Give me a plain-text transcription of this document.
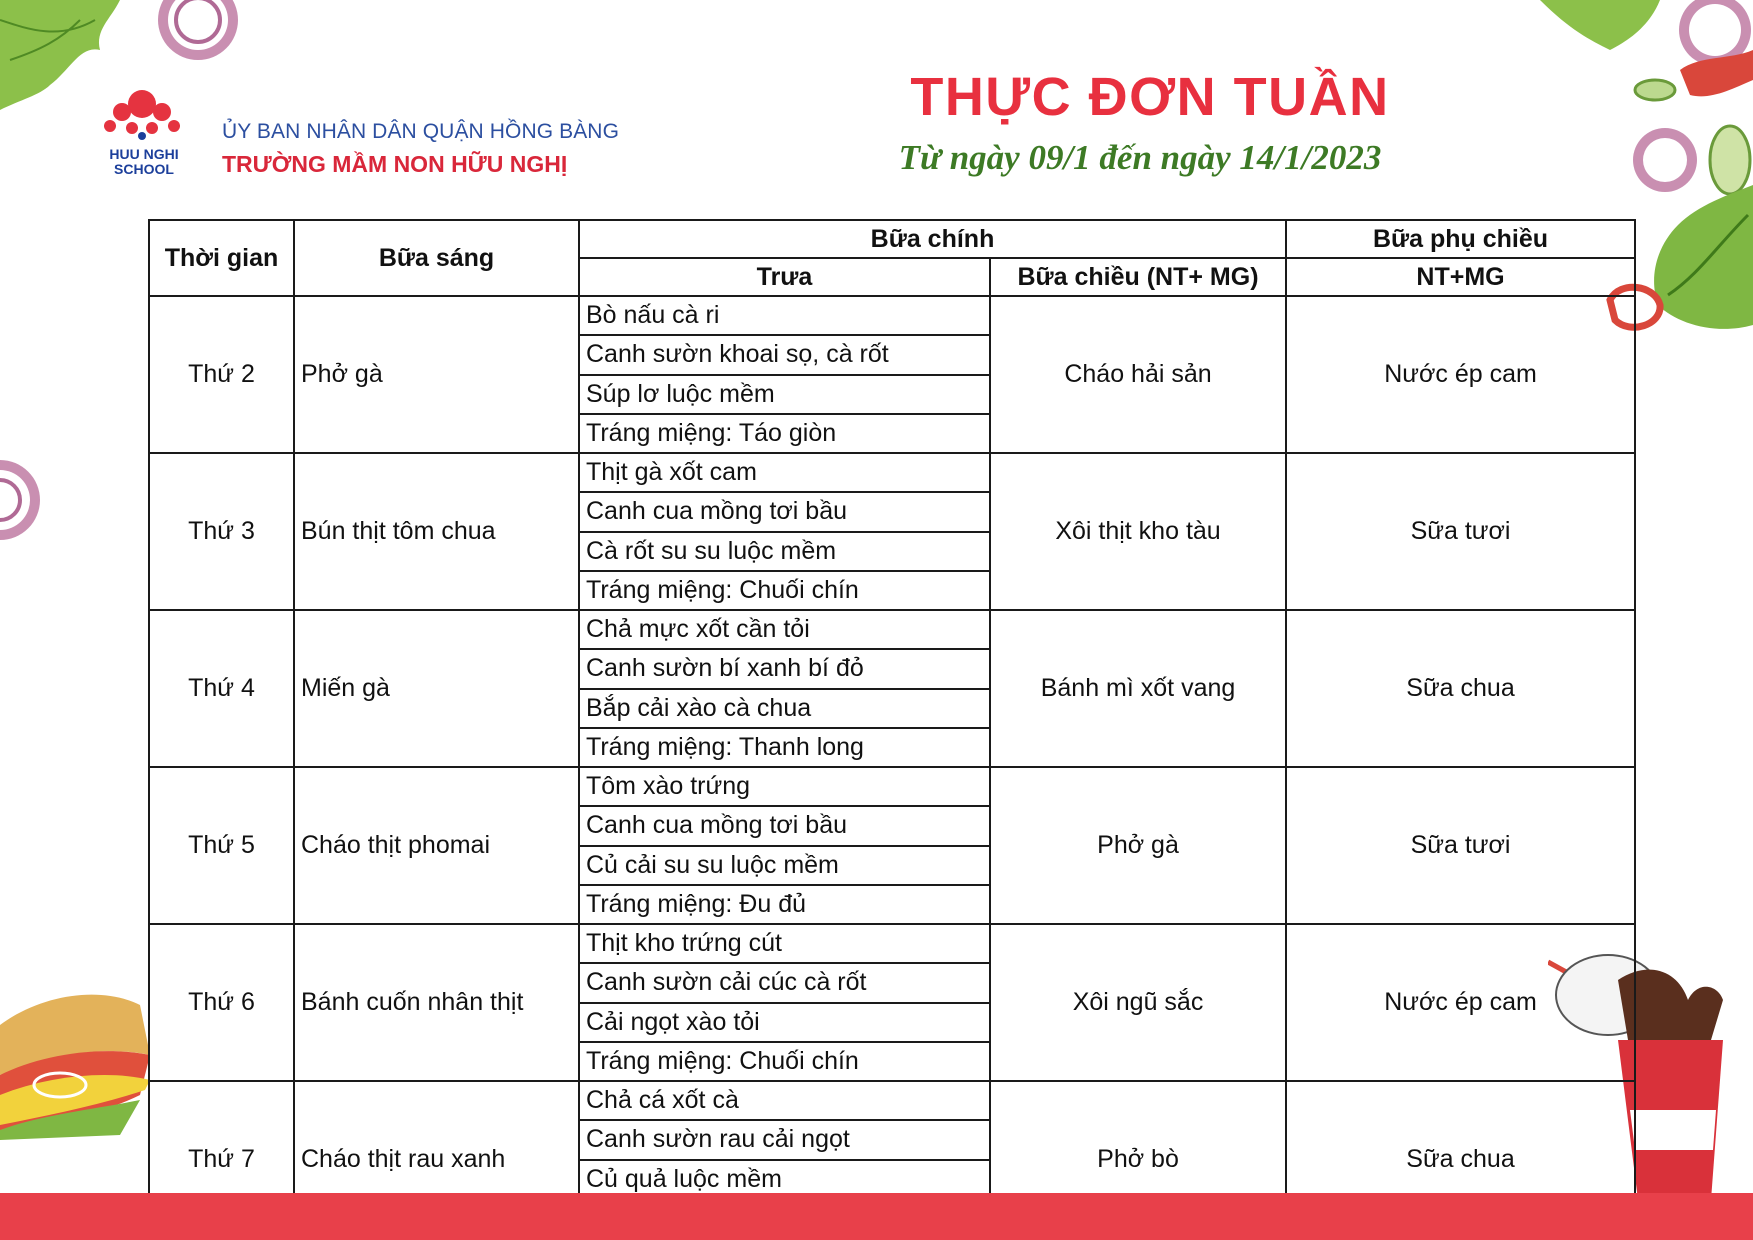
HUU NGHI
SCHOOL
ỦY BAN NHÂN DÂN QUẬN HỒNG BÀNG
TRƯỜNG MẦM NON HỮU NGHỊ
THỰC ĐƠN TUẦN
Từ ngày 09/1 đến ngày 14/1/2023
Thời gian	Bữa sáng	Bữa chính		Bữa phụ chiều
		Trưa	Bữa chiều (NT+ MG)	NT+MG
Thứ 2	Phở gà	Bò nấu cà ri	Cháo hải sản	Nước ép cam
		Canh sườn khoai sọ, cà rốt		
		Súp lơ luộc mềm		
		Tráng miệng: Táo giòn		
Thứ 3	Bún thịt tôm chua	Thịt gà xốt cam	Xôi thịt kho tàu	Sữa tươi
		Canh cua mồng tơi bầu		
		Cà rốt su su luộc mềm		
		Tráng miệng: Chuối chín		
Thứ 4	Miến gà	Chả mực xốt cần tỏi	Bánh mì xốt vang	Sữa chua
		Canh sườn bí xanh bí đỏ		
		Bắp cải xào cà chua		
		Tráng miệng: Thanh long		
Thứ 5	Cháo thịt phomai	Tôm xào trứng	Phở gà	Sữa tươi
		Canh cua mồng tơi bầu		
		Củ cải su su luộc mềm		
		Tráng miệng: Đu đủ		
Thứ 6	Bánh cuốn nhân thịt	Thịt kho trứng cút	Xôi ngũ sắc	Nước ép cam
		Canh sườn cải cúc cà rốt		
		Cải ngọt xào tỏi		
		Tráng miệng: Chuối chín		
Thứ 7	Cháo thịt rau xanh	Chả cá xốt cà	Phở bò	Sữa chua
		Canh sườn rau cải ngọt		
		Củ quả luộc mềm		
